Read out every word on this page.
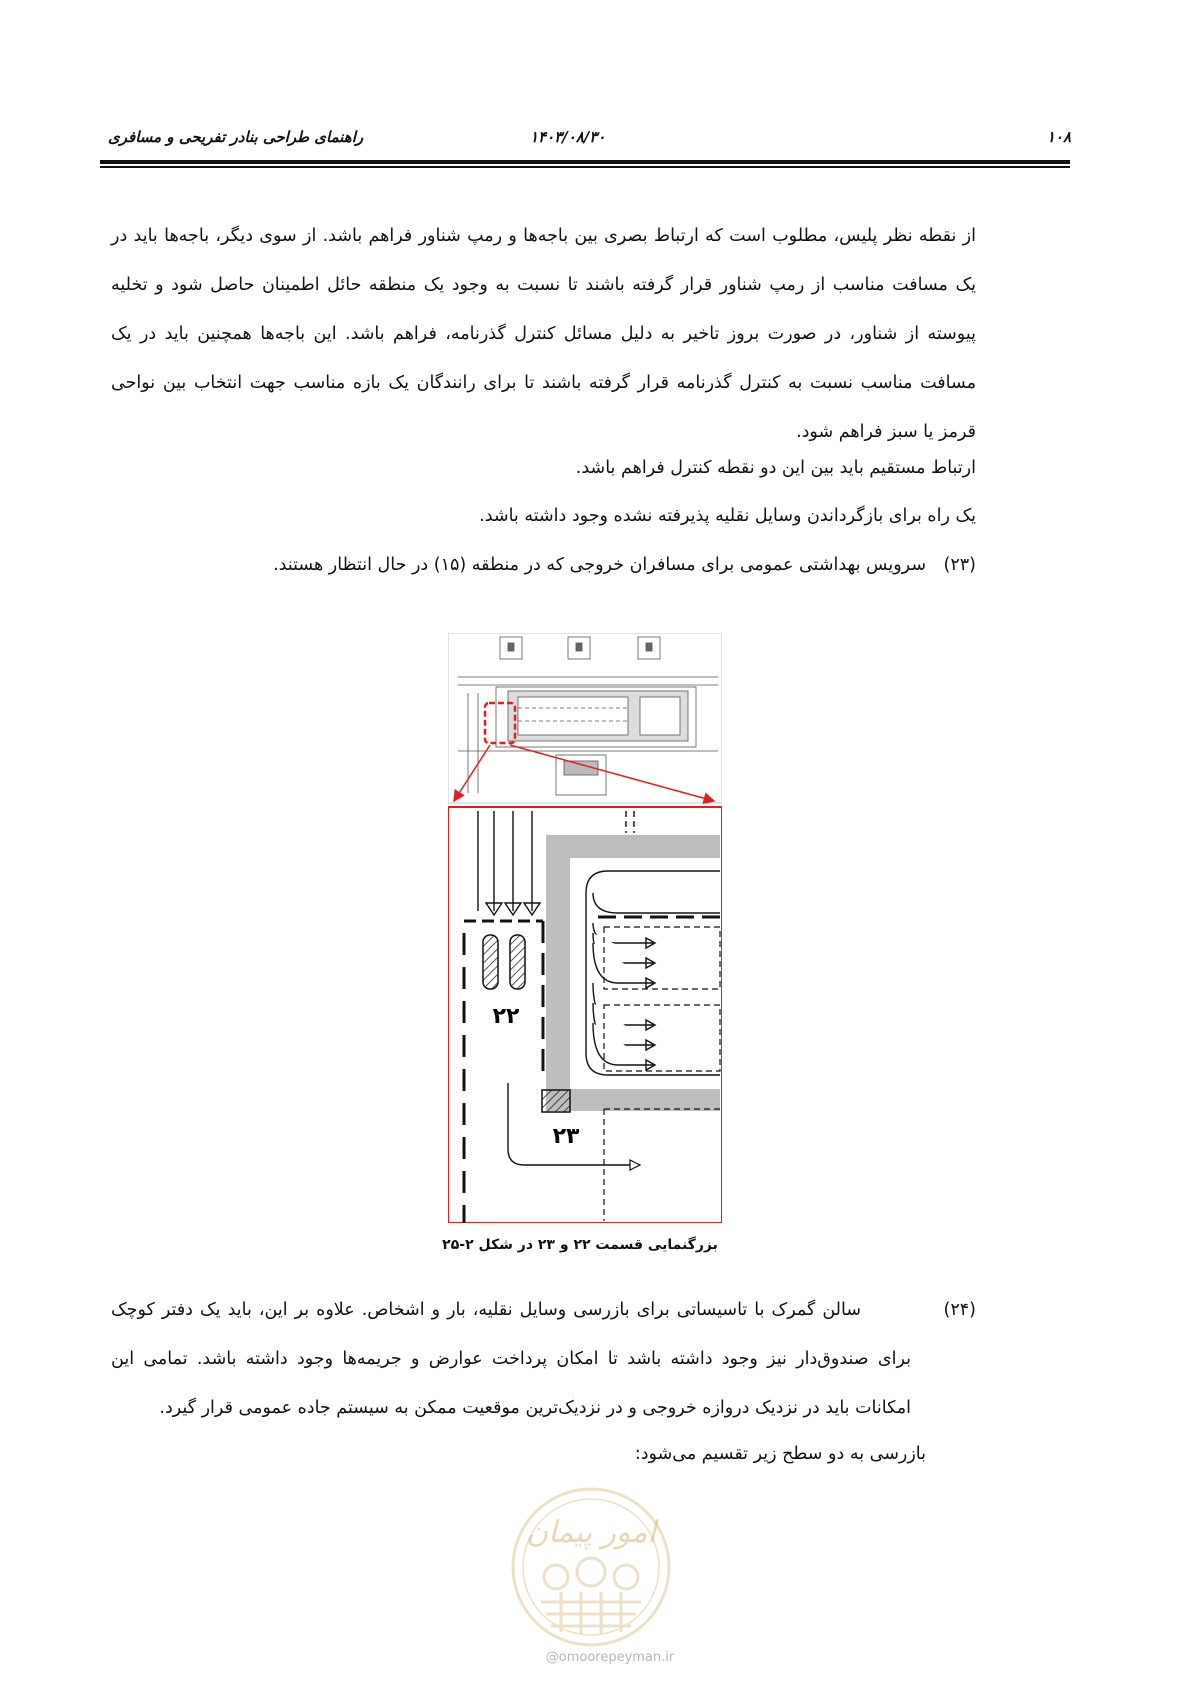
۱۰۸
۱۴۰۳/۰۸/۳۰
راهنمای طراحی بنادر تفریحی و مسافری
از نقطه نظر پلیس، مطلوب است که ارتباط بصری بین باجه‌ها و رمپ شناور فراهم باشد. از سوی دیگر، باجه‌ها باید در یک مسافت مناسب از رمپ شناور قرار گرفته باشند تا نسبت به وجود یک منطقه حائل اطمینان حاصل شود و تخلیه پیوسته از شناور، در صورت بروز تاخیر به دلیل مسائل کنترل گذرنامه، فراهم باشد. این باجه‌ها همچنین باید در یک مسافت مناسب نسبت به کنترل گذرنامه قرار گرفته باشند تا برای رانندگان یک بازه مناسب جهت انتخاب بین نواحی قرمز یا سبز فراهم شود.
ارتباط مستقیم باید بین این دو نقطه کنترل فراهم باشد.
یک راه برای بازگرداندن وسایل نقلیه پذیرفته نشده وجود داشته باشد.
(۲۳)
سرویس بهداشتی عمومی برای مسافران خروجی که در منطقه (۱۵) در حال انتظار هستند.
۲۲
۲۳
بزرگنمایی قسمت ۲۲ و ۲۳ در شکل ۲-۲۵
(۲۴)
سالن گمرک با تاسیساتی برای بازرسی وسایل نقلیه، بار و اشخاص. علاوه بر این، باید یک دفتر کوچک برای صندوق‌دار نیز وجود داشته باشد تا امکان پرداخت عوارض و جریمه‌ها وجود داشته باشد. تمامی این امکانات باید در نزدیک دروازه خروجی و در نزدیک‌ترین موقعیت ممکن به سیستم جاده عمومی قرار گیرد.
بازرسی به دو سطح زیر تقسیم می‌شود:
امور پیمان
@omoorepeyman.ir
